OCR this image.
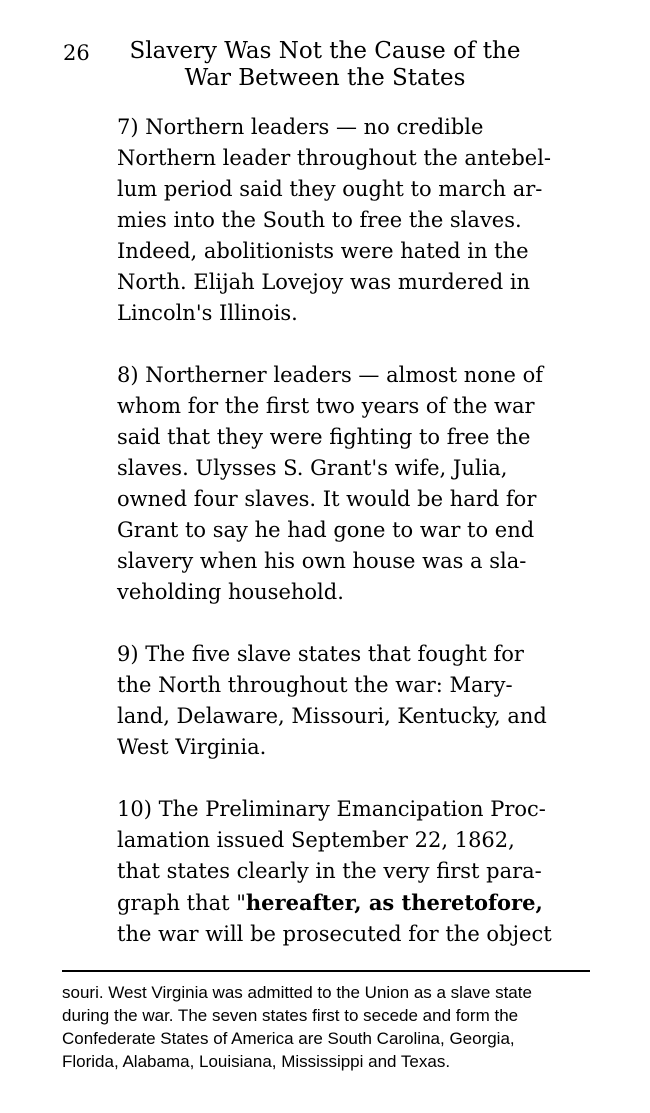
26	Slavery Was Not the Cause of the
War Between the States
7) Northern leaders — no credible
Northern leader throughout the antebel-
lum period said they ought to march ar-
mies into the South to free the slaves.
Indeed, abolitionists were hated in the
North. Elijah Lovejoy was murdered in
Lincoln's Illinois.
8) Northerner leaders — almost none of
whom for the first two years of the war
said that they were fighting to free the
slaves. Ulysses S. Grant's wife, Julia,
owned four slaves. It would be hard for
Grant to say he had gone to war to end
slavery when his own house was a sla-
veholding household.
9) The five slave states that fought for
the North throughout the war: Mary-
land, Delaware, Missouri, Kentucky, and
West Virginia.
10) The Preliminary Emancipation Proc-
lamation issued September 22, 1862,
that states clearly in the very first para-
graph that "hereafter, as theretofore,
the war will be prosecuted for the object
souri. West Virginia was admitted to the Union as a slave state
during the war. The seven states first to secede and form the
Confederate States of America are South Carolina, Georgia,
Florida, Alabama, Louisiana, Mississippi and Texas.
